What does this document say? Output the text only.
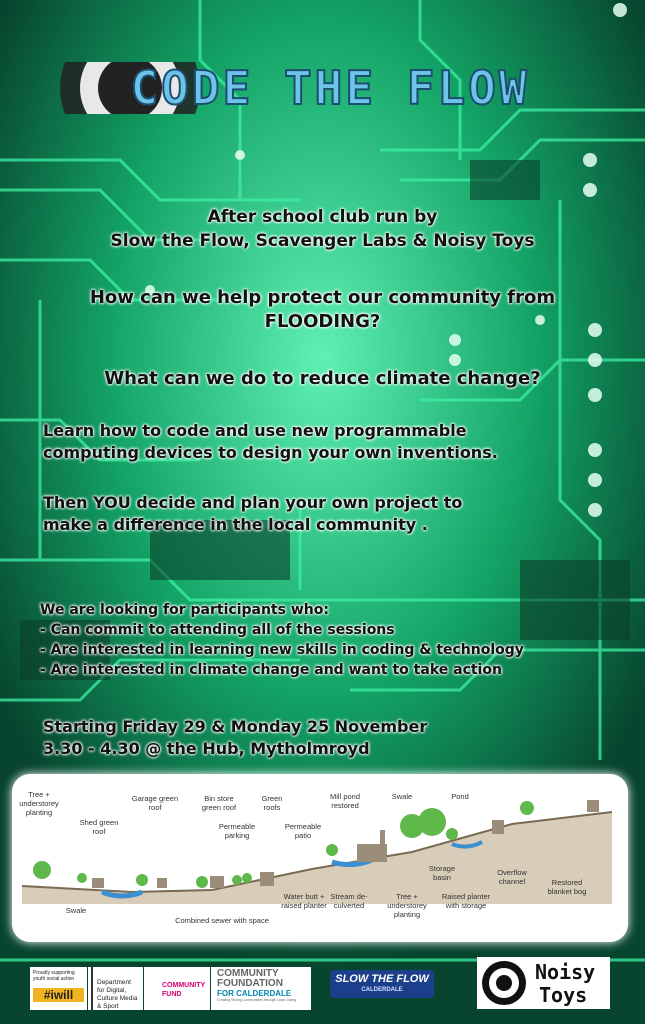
CODE THE FLOW
After school club run by
Slow the Flow, Scavenger Labs & Noisy Toys
How can we help protect our community from
FLOODING?
What can we do to reduce climate change?
Learn how to code and use new programmable
computing devices to design your own inventions.
Then YOU decide and plan your own project to
make a difference in the local community .
We are looking for participants who:
- Can commit to attending all of the sessions
- Are interested in learning new skills in coding & technology
- Are interested in climate change and want to take action
Starting Friday 29 & Monday 25 November
3.30 - 4.30 @ the Hub, Mytholmroyd
Tree + understorey planting
Shed green roof
Garage green roof
Bin store green roof
Green roofs
Mill pond restored
Swale	Pond
Permeable parking
Permeable patio
Storage basin
Overflow channel	Restored blanket bog
Swale
Combined sewer with space
Water butt + raised planter
Stream de-culverted
Tree + understorey planting
Raised planter with storage
Proudly supporting youth social action
#iwill
Department for Digital, Culture Media & Sport
COMMUNITY FUND
COMMUNITY
FOUNDATION
FOR CALDERDALE
Creating Strong Communities through Local Giving
SLOW THE FLOW
CALDERDALE
Noisy
Toys
